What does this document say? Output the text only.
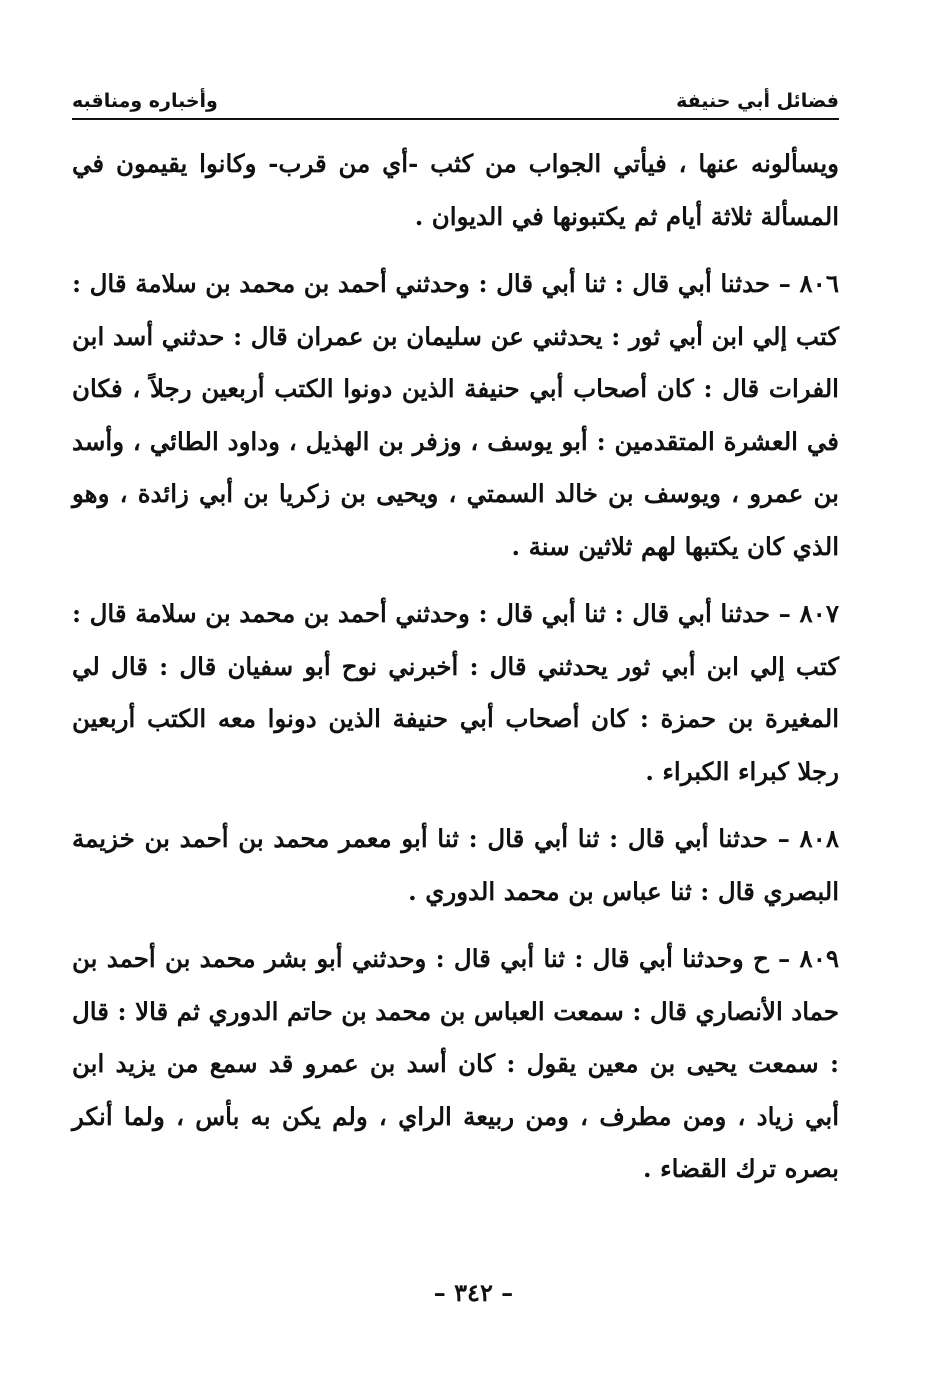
فضائل أبي حنيفة
وأخباره ومناقبه

ويسألونه عنها ، فيأتي الجواب من كثب -أي من قرب- وكانوا يقيمون في المسألة ثلاثة أيام ثم يكتبونها في الديوان .

٨٠٦ – حدثنا أبي قال : ثنا أبي قال : وحدثني أحمد بن محمد بن سلامة قال : كتب إلي ابن أبي ثور : يحدثني عن سليمان بن عمران قال : حدثني أسد ابن الفرات قال : كان أصحاب أبي حنيفة الذين دونوا الكتب أربعين رجلاً ، فكان في العشرة المتقدمين : أبو يوسف ، وزفر بن الهذيل ، وداود الطائي ، وأسد بن عمرو ، ويوسف بن خالد السمتي ، ويحيى بن زكريا بن أبي زائدة ، وهو الذي كان يكتبها لهم ثلاثين سنة .

٨٠٧ – حدثنا أبي قال : ثنا أبي قال : وحدثني أحمد بن محمد بن سلامة قال : كتب إلي ابن أبي ثور يحدثني قال : أخبرني نوح أبو سفيان قال : قال لي المغيرة بن حمزة : كان أصحاب أبي حنيفة الذين دونوا معه الكتب أربعين رجلا كبراء الكبراء .

٨٠٨ – حدثنا أبي قال : ثنا أبي قال : ثنا أبو معمر محمد بن أحمد بن خزيمة البصري قال : ثنا عباس بن محمد الدوري .

٨٠٩ – ح وحدثنا أبي قال : ثنا أبي قال : وحدثني أبو بشر محمد بن أحمد بن حماد الأنصاري قال : سمعت العباس بن محمد بن حاتم الدوري ثم قالا : قال : سمعت يحيى بن معين يقول : كان أسد بن عمرو قد سمع من يزيد ابن أبي زياد ، ومن مطرف ، ومن ربيعة الراي ، ولم يكن به بأس ، ولما أنكر بصره ترك القضاء .

– ٣٤٢ –
